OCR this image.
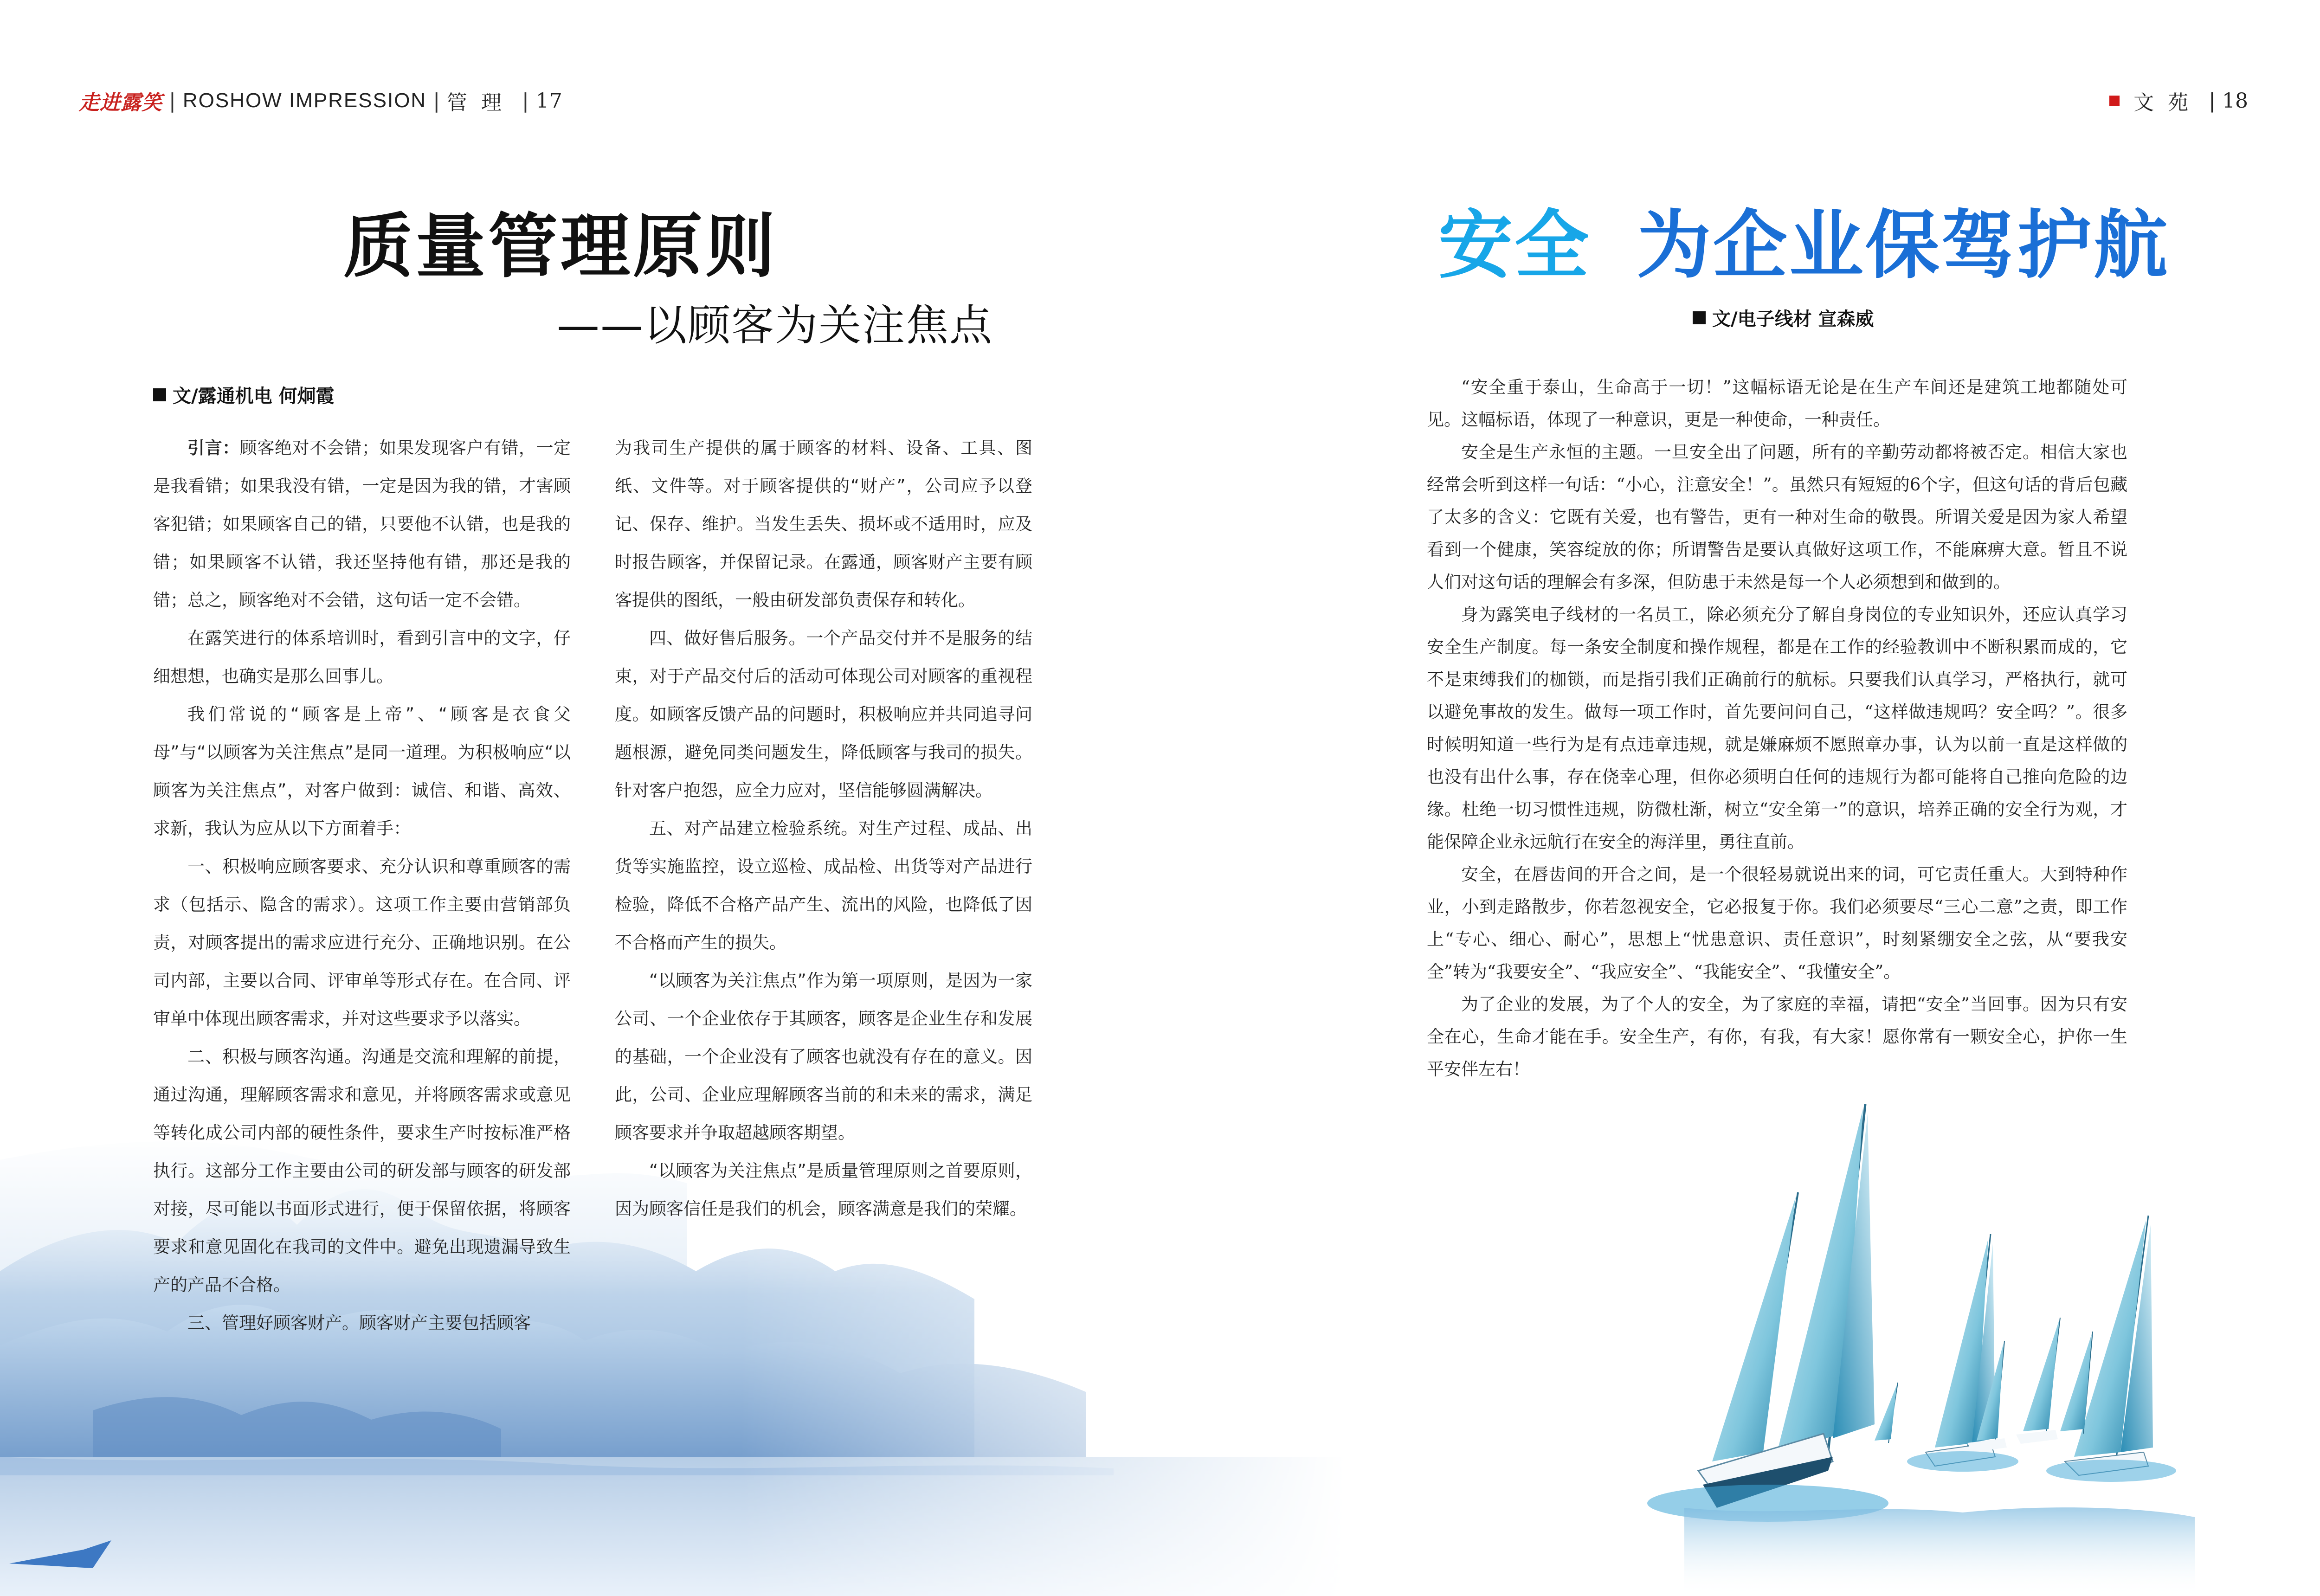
走进露笑 | ROSHOW IMPRESSION | 管理 | 17	文苑 | 18
质量管理原则
——以顾客为关注焦点
文/露通机电 何炯霞

引言：顾客绝对不会错；如果发现客户有错，一定是我看错；如果我没有错，一定是因为我的错，才害顾客犯错；如果顾客自己的错，只要他不认错，也是我的错；如果顾客不认错，我还坚持他有错，那还是我的错；总之，顾客绝对不会错，这句话一定不会错。

在露笑进行的体系培训时，看到引言中的文字，仔细想想，也确实是那么回事儿。

我们常说的“顾客是上帝”、“顾客是衣食父母”与“以顾客为关注焦点”是同一道理。为积极响应“以顾客为关注焦点”，对客户做到：诚信、和谐、高效、求新，我认为应从以下方面着手：

一、积极响应顾客要求、充分认识和尊重顾客的需求（包括示、隐含的需求）。这项工作主要由营销部负责，对顾客提出的需求应进行充分、正确地识别。在公司内部，主要以合同、评审单等形式存在。在合同、评审单中体现出顾客需求，并对这些要求予以落实。

二、积极与顾客沟通。沟通是交流和理解的前提，通过沟通，理解顾客需求和意见，并将顾客需求或意见等转化成公司内部的硬性条件，要求生产时按标准严格执行。这部分工作主要由公司的研发部与顾客的研发部对接，尽可能以书面形式进行，便于保留依据，将顾客要求和意见固化在我司的文件中。避免出现遗漏导致生产的产品不合格。

三、管理好顾客财产。顾客财产主要包括顾客

为我司生产提供的属于顾客的材料、设备、工具、图纸、文件等。对于顾客提供的“财产”，公司应予以登记、保存、维护。当发生丢失、损坏或不适用时，应及时报告顾客，并保留记录。在露通，顾客财产主要有顾客提供的图纸，一般由研发部负责保存和转化。

四、做好售后服务。一个产品交付并不是服务的结束，对于产品交付后的活动可体现公司对顾客的重视程度。如顾客反馈产品的问题时，积极响应并共同追寻问题根源，避免同类问题发生，降低顾客与我司的损失。针对客户抱怨，应全力应对，坚信能够圆满解决。

五、对产品建立检验系统。对生产过程、成品、出货等实施监控，设立巡检、成品检、出货等对产品进行检验，降低不合格产品产生、流出的风险，也降低了因不合格而产生的损失。

“以顾客为关注焦点”作为第一项原则，是因为一家公司、一个企业依存于其顾客，顾客是企业生存和发展的基础，一个企业没有了顾客也就没有存在的意义。因此，公司、企业应理解顾客当前的和未来的需求，满足顾客要求并争取超越顾客期望。

“以顾客为关注焦点”是质量管理原则之首要原则，因为顾客信任是我们的机会，顾客满意是我们的荣耀。

安全 为企业保驾护航
文/电子线材 宣森威

“安全重于泰山，生命高于一切！”这幅标语无论是在生产车间还是建筑工地都随处可见。这幅标语，体现了一种意识，更是一种使命，一种责任。

安全是生产永恒的主题。一旦安全出了问题，所有的辛勤劳动都将被否定。相信大家也经常会听到这样一句话：“小心，注意安全！”。虽然只有短短的6个字，但这句话的背后包藏了太多的含义：它既有关爱，也有警告，更有一种对生命的敬畏。所谓关爱是因为家人希望看到一个健康，笑容绽放的你；所谓警告是要认真做好这项工作，不能麻痹大意。暂且不说人们对这句话的理解会有多深，但防患于未然是每一个人必须想到和做到的。

身为露笑电子线材的一名员工，除必须充分了解自身岗位的专业知识外，还应认真学习安全生产制度。每一条安全制度和操作规程，都是在工作的经验教训中不断积累而成的，它不是束缚我们的枷锁，而是指引我们正确前行的航标。只要我们认真学习，严格执行，就可以避免事故的发生。做每一项工作时，首先要问问自己，“这样做违规吗？安全吗？”。很多时候明知道一些行为是有点违章违规，就是嫌麻烦不愿照章办事，认为以前一直是这样做的也没有出什么事，存在侥幸心理，但你必须明白任何的违规行为都可能将自己推向危险的边缘。杜绝一切习惯性违规，防微杜渐，树立“安全第一”的意识，培养正确的安全行为观，才能保障企业永远航行在安全的海洋里，勇往直前。

安全，在唇齿间的开合之间，是一个很轻易就说出来的词，可它责任重大。大到特种作业，小到走路散步，你若忽视安全，它必报复于你。我们必须要尽“三心二意”之责，即工作上“专心、细心、耐心”，思想上“忧患意识、责任意识”，时刻紧绷安全之弦，从“要我安全”转为“我要安全”、“我应安全”、“我能安全”、“我懂安全”。

为了企业的发展，为了个人的安全，为了家庭的幸福，请把“安全”当回事。因为只有安全在心，生命才能在手。安全生产，有你，有我，有大家！愿你常有一颗安全心，护你一生平安伴左右！
